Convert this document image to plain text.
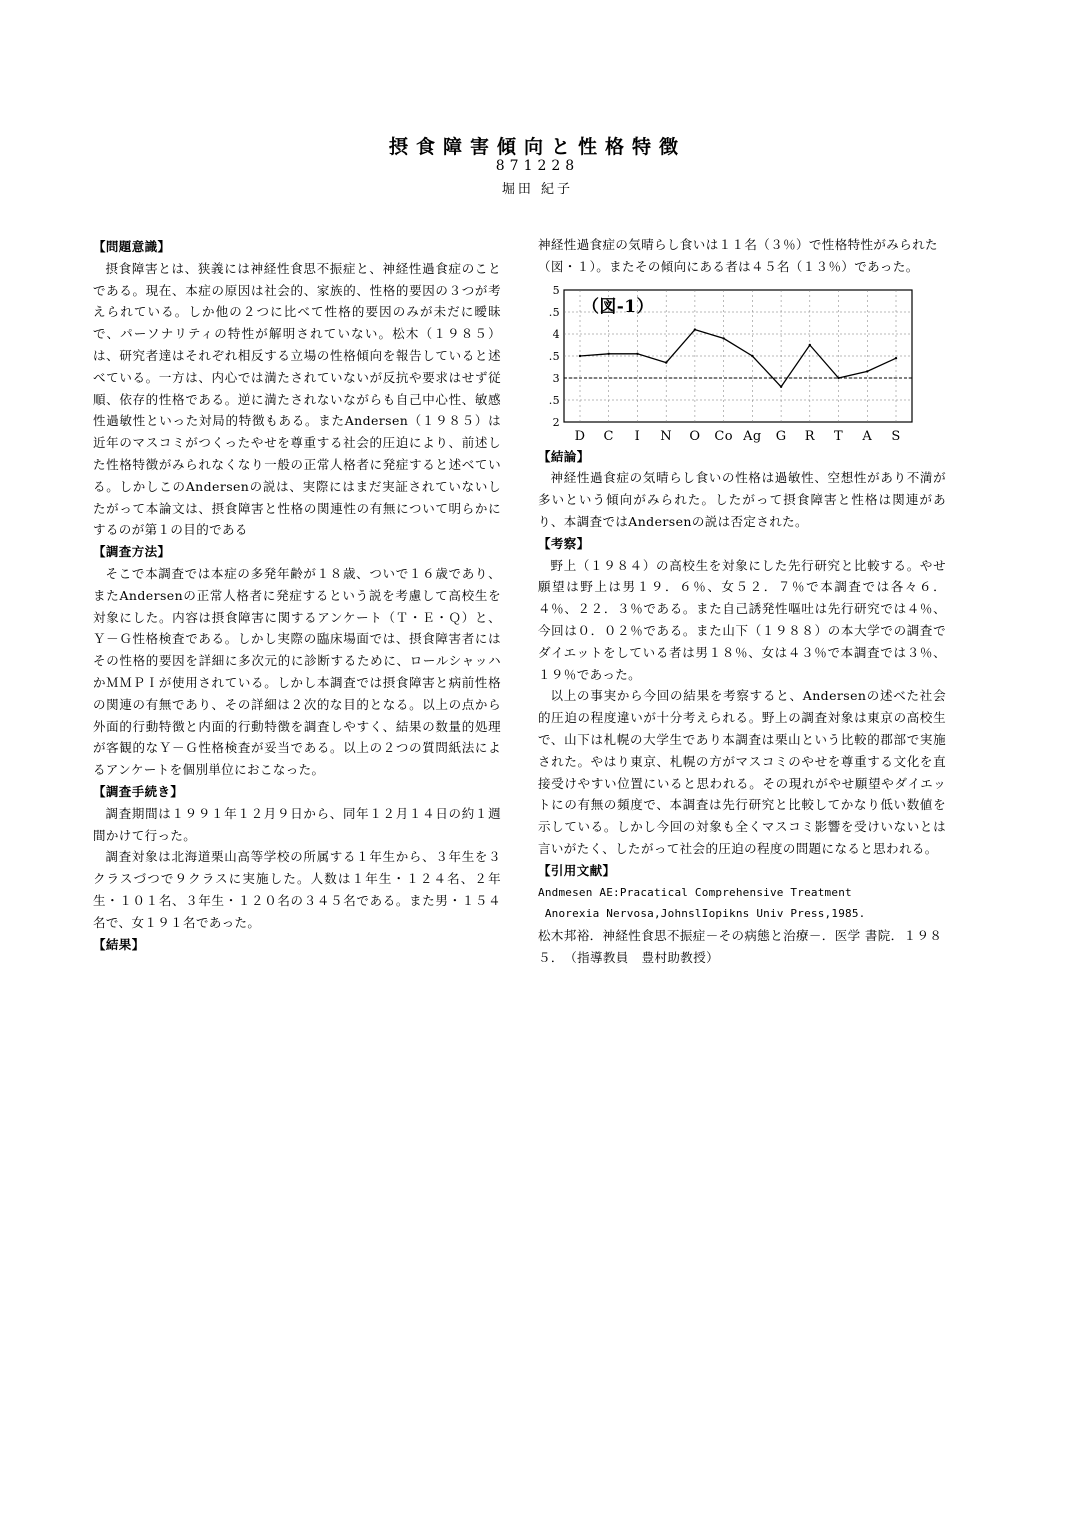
摂食障害傾向と性格特徴
871228
堀田 紀子

【問題意識】

摂食障害とは、狭義には神経性食思不振症と、神経性過食症のことである。現在、本症の原因は社会的、家族的、性格的要因の３つが考えられている。しか他の２つに比べて性格的要因のみが未だに曖昧で、パーソナリティの特性が解明されていない。松木（１９８５）は、研究者達はそれぞれ相反する立場の性格傾向を報告していると述べている。一方は、内心では満たされていないが反抗や要求はせず従順、依存的性格である。逆に満たされないながらも自己中心性、敏感性過敏性といった対局的特徴もある。またAndersen（１９８５）は近年のマスコミがつくったやせを尊重する社会的圧迫により、前述した性格特徴がみられなくなり一般の正常人格者に発症すると述べている。しかしこのAndersenの説は、実際にはまだ実証されていないしたがって本論文は、摂食障害と性格の関連性の有無について明らかにするのが第１の目的である

【調査方法】

そこで本調査では本症の多発年齢が１８歳、ついで１６歳であり、またAndersenの正常人格者に発症するという説を考慮して高校生を対象にした。内容は摂食障害に関するアンケート（Ｔ・Ｅ・Ｑ）と、Ｙ－Ｇ性格検査である。しかし実際の臨床場面では、摂食障害者にはその性格的要因を詳細に多次元的に診断するために、ロールシャッハかＭＭＰＩが使用されている。しかし本調査では摂食障害と病前性格の関連の有無であり、その詳細は２次的な目的となる。以上の点から外面的行動特徴と内面的行動特徴を調査しやすく、結果の数量的処理が客観的なＹ－Ｇ性格検査が妥当である。以上の２つの質問紙法によるアンケートを個別単位におこなった。

【調査手続き】

調査期間は１９９１年１２月９日から、同年１２月１４日の約１週間かけて行った。

調査対象は北海道栗山高等学校の所属する１年生から、３年生を３クラスづつで９クラスに実施した。人数は１年生・１２４名、２年生・１０１名、３年生・１２０名の３４５名である。また男・１５４名で、女１９１名であった。

【結果】

神経性過食症の気晴らし食いは１１名（３％）で性格特性がみられた（図・１）。またその傾向にある者は４５名（１３％）であった。

2
.5
3
.5
4
.5
5
（図-1）
D C I N O Co Ag G R T A S

【結論】

神経性過食症の気晴らし食いの性格は過敏性、空想性があり不満が多いという傾向がみられた。したがって摂食障害と性格は関連があり、本調査ではAndersenの説は否定された。

【考察】

野上（１９８４）の高校生を対象にした先行研究と比較する。やせ願望は野上は男１９．６％、女５２．７％で本調査では各々６．４％、２２．３％である。また自己誘発性嘔吐は先行研究では４％、今回は０．０２％である。また山下（１９８８）の本大学での調査でダイエットをしている者は男１８％、女は４３％で本調査では３％、１９％であった。

以上の事実から今回の結果を考察すると、Andersenの述べた社会的圧迫の程度違いが十分考えられる。野上の調査対象は東京の高校生で、山下は札幌の大学生であり本調査は栗山という比較的郡部で実施された。やはり東京、札幌の方がマスコミのやせを尊重する文化を直接受けやすい位置にいると思われる。その現れがやせ願望やダイエットにの有無の頻度で、本調査は先行研究と比較してかなり低い数値を示している。しかし今回の対象も全くマスコミ影響を受けいないとは言いがたく、したがって社会的圧迫の程度の問題になると思われる。

【引用文献】

Andmesen AE:Pracatical Comprehensive Treatment

Anorexia Nervosa,JohnslIopikns Univ Press,1985.

松木邦裕．神経性食思不振症－その病態と治療－．医学 書院．１９８５．　（指導教員　豊村助教授）
